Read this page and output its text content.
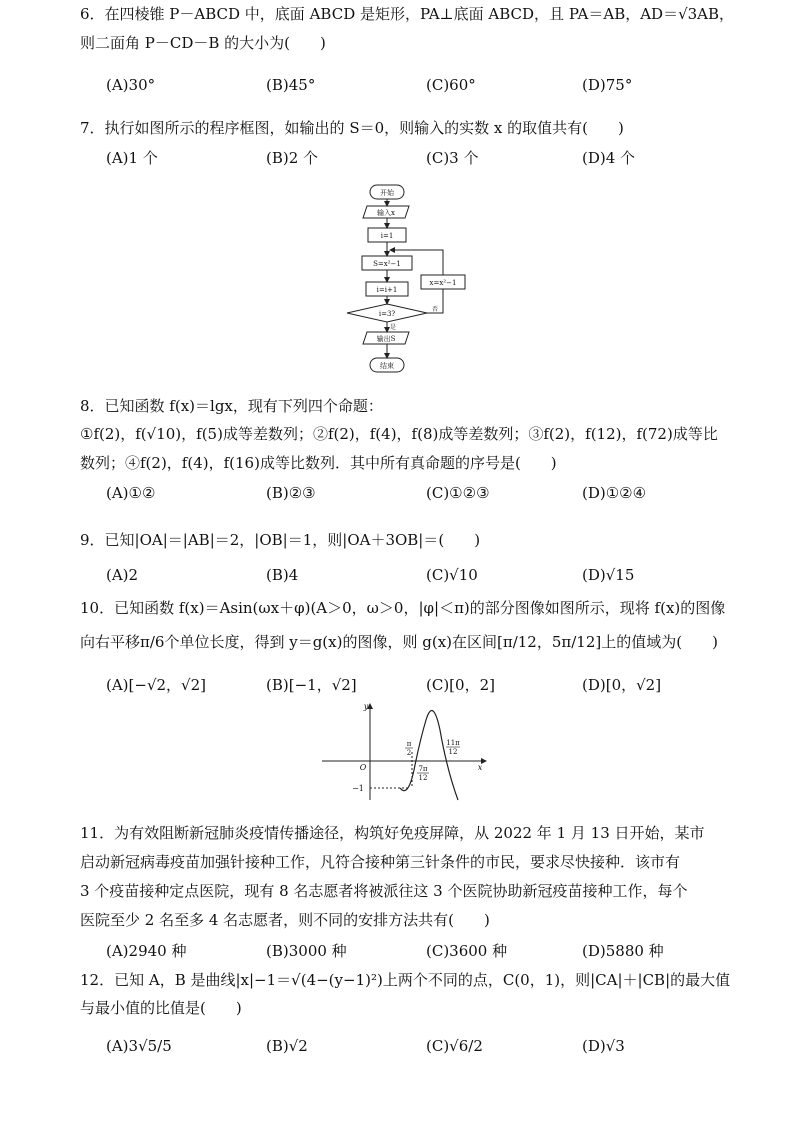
6．在四棱锥 P－ABCD 中，底面 ABCD 是矩形，PA⊥底面 ABCD，且 PA＝AB，AD＝√3AB，
则二面角 P－CD－B 的大小为(　　)
(A)30°	(B)45°	(C)60°	(D)75°
7．执行如图所示的程序框图，如输出的 S＝0，则输入的实数 x 的取值共有(　　)
(A)1 个	(B)2 个	(C)3 个	(D)4 个
开始
输入x
i=1
S=x²−1
i=i+1
i=3?
输出S
结束
x=x²−1
是
否
8．已知函数 f(x)＝lgx，现有下列四个命题：
①f(2)，f(√10)，f(5)成等差数列；②f(2)，f(4)，f(8)成等差数列；③f(2)，f(12)，f(72)成等比
数列；④f(2)，f(4)，f(16)成等比数列．其中所有真命题的序号是(　　)
(A)①②	(B)②③	(C)①②③	(D)①②④
9．已知|OA|＝|AB|＝2，|OB|＝1，则|OA＋3OB|＝(　　)
(A)2	(B)4	(C)√10	(D)√15
10．已知函数 f(x)＝Asin(ωx＋φ)(A＞0，ω＞0，|φ|＜π)的部分图像如图所示，现将 f(x)的图像
向右平移π/6个单位长度，得到 y＝g(x)的图像，则 g(x)在区间[π/12，5π/12]上的值域为(　　)
(A)[−√2，√2]	(B)[−1，√2]	(C)[0，2]	(D)[0，√2]
y
x
O
−1
π
2
7π
12
11π
12
11．为有效阻断新冠肺炎疫情传播途径，构筑好免疫屏障，从 2022 年 1 月 13 日开始，某市
启动新冠病毒疫苗加强针接种工作，凡符合接种第三针条件的市民，要求尽快接种．该市有
3 个疫苗接种定点医院，现有 8 名志愿者将被派往这 3 个医院协助新冠疫苗接种工作，每个
医院至少 2 名至多 4 名志愿者，则不同的安排方法共有(　　)
(A)2940 种	(B)3000 种	(C)3600 种	(D)5880 种
12．已知 A，B 是曲线|x|−1＝√(4−(y−1)²)上两个不同的点，C(0，1)，则|CA|＋|CB|的最大值
与最小值的比值是(　　)
(A)3√5/5	(B)√2	(C)√6/2	(D)√3
